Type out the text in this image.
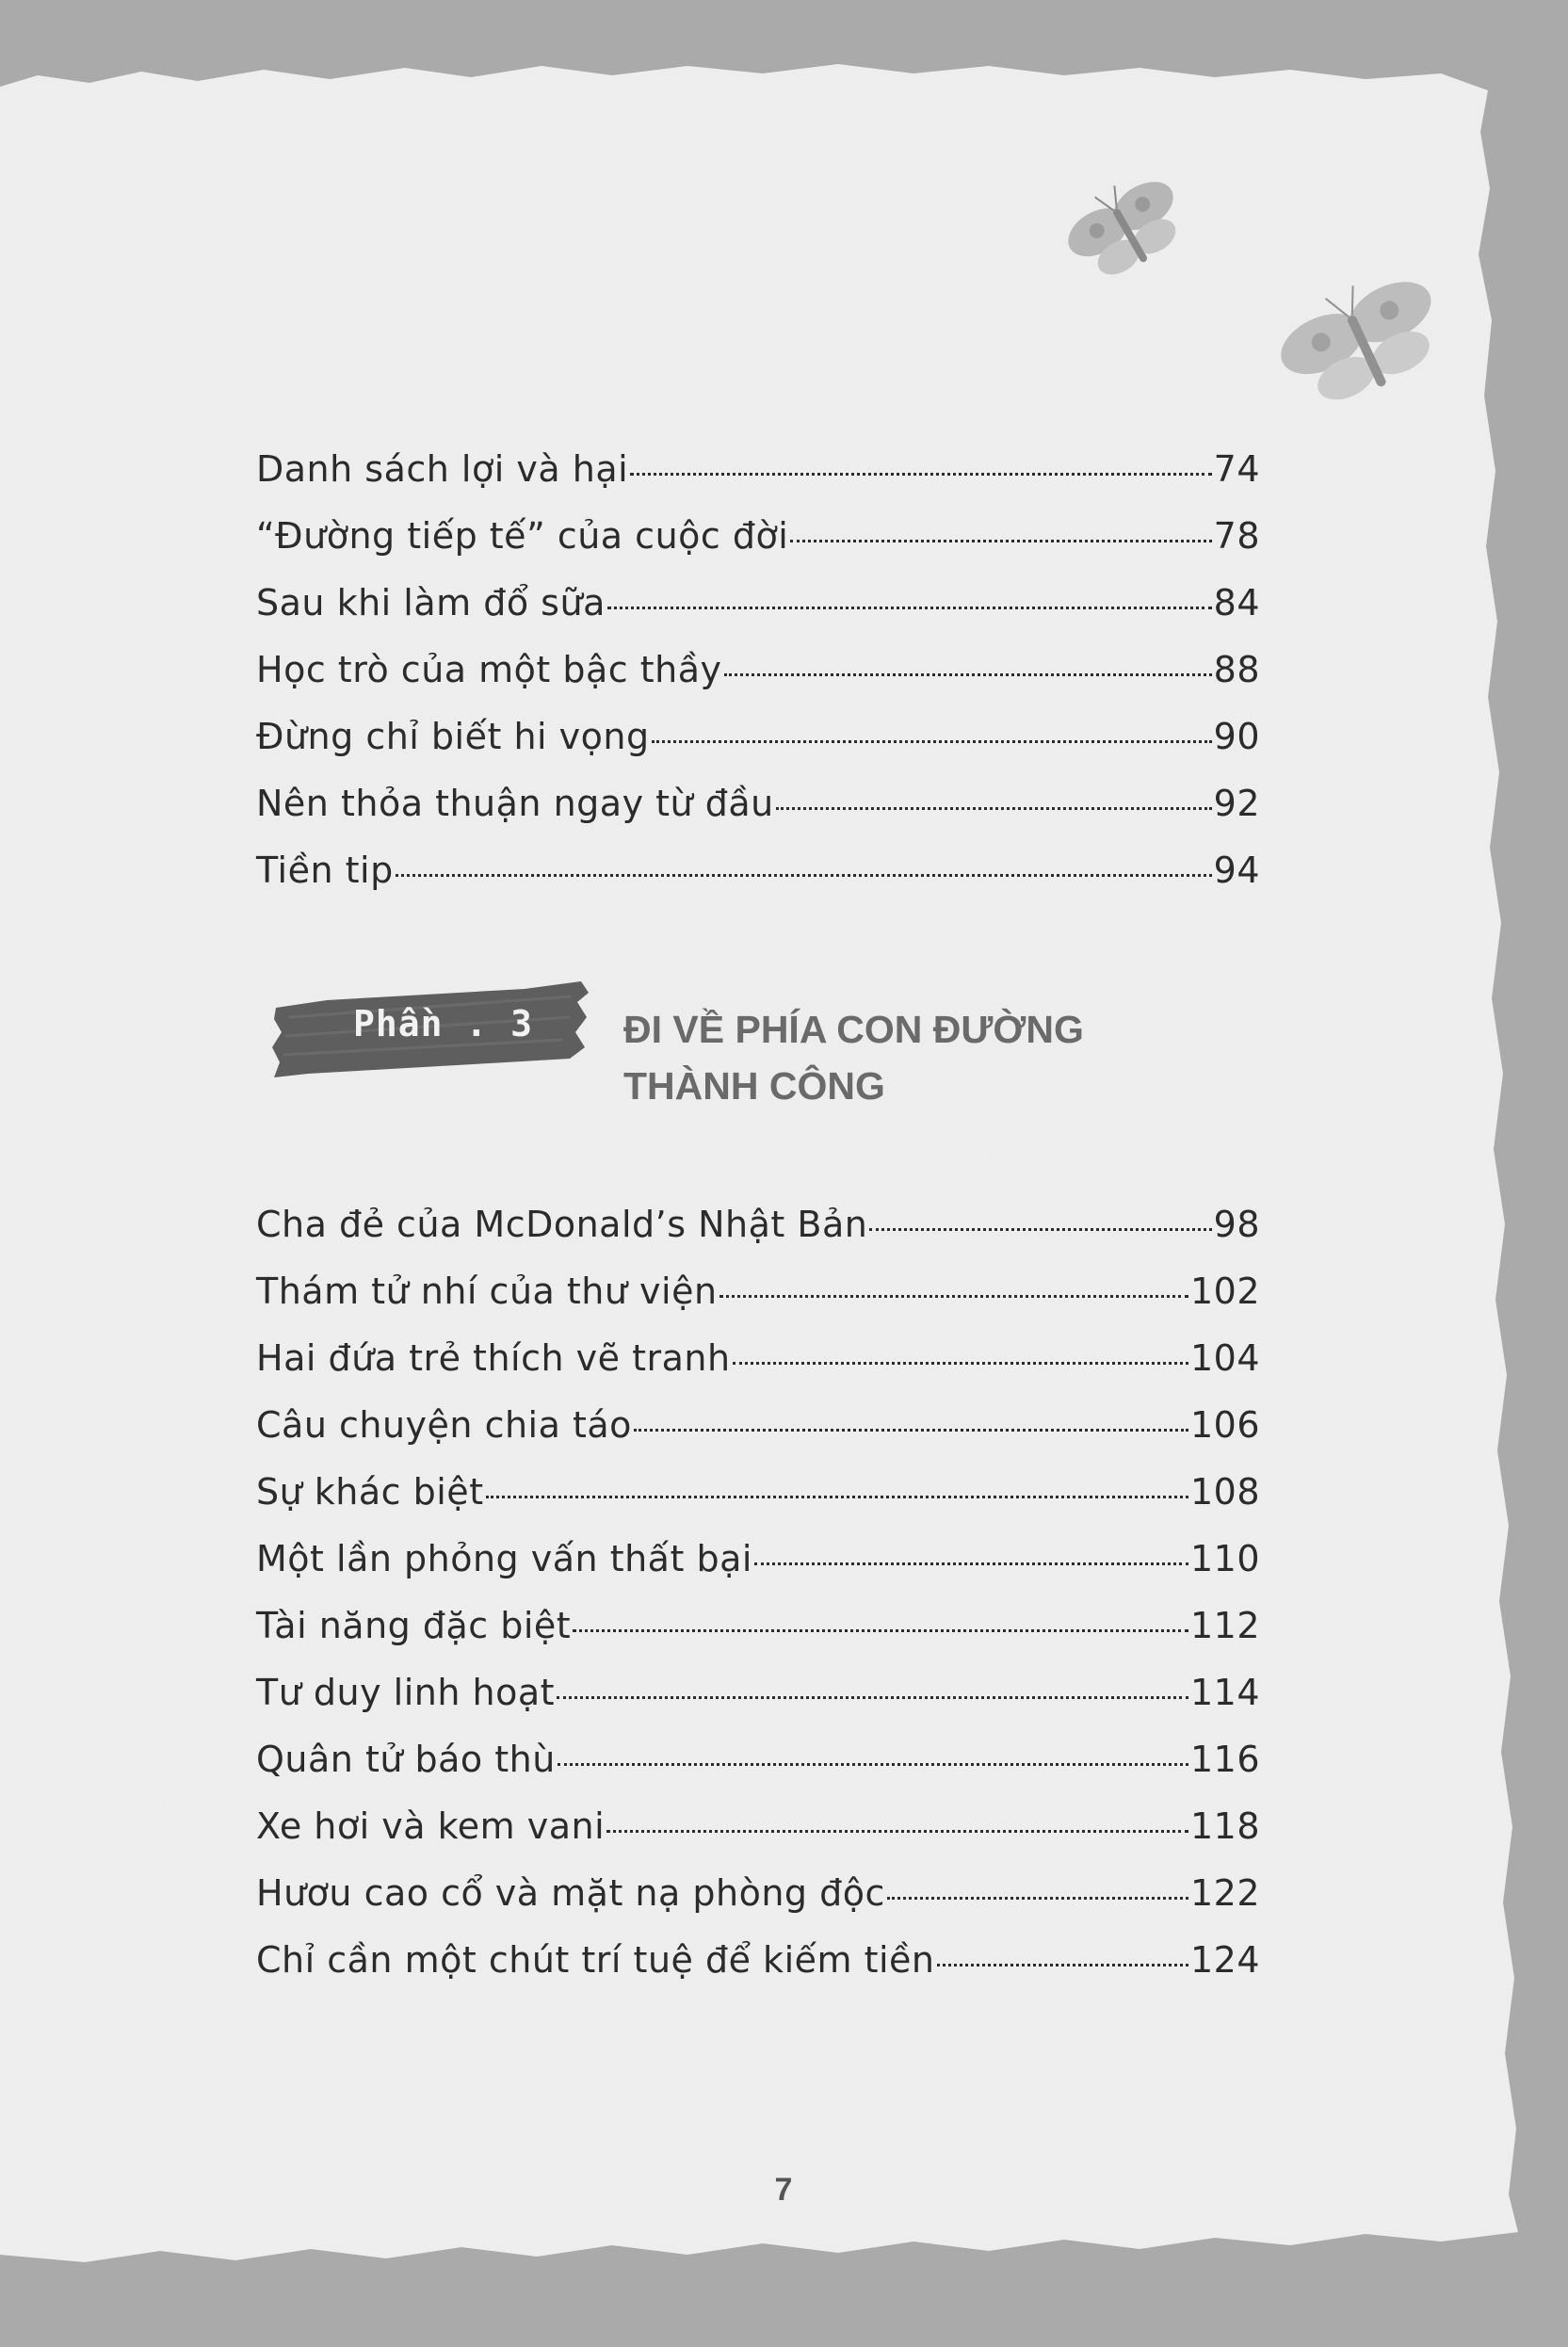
Danh sách lợi và hại	74
“Đường tiếp tế” của cuộc đời	78
Sau khi làm đổ sữa	84
Học trò của một bậc thầy	88
Đừng chỉ biết hi vọng	90
Nên thỏa thuận ngay từ đầu	92
Tiền tip	94
Phần . 3 ĐI VỀ PHÍA CON ĐƯỜNG
THÀNH CÔNG
Cha đẻ của McDonald’s Nhật Bản	98
Thám tử nhí của thư viện	102
Hai đứa trẻ thích vẽ tranh	104
Câu chuyện chia táo	106
Sự khác biệt	108
Một lần phỏng vấn thất bại	110
Tài năng đặc biệt	112
Tư duy linh hoạt	114
Quân tử báo thù	116
Xe hơi và kem vani	118
Hươu cao cổ và mặt nạ phòng độc	122
Chỉ cần một chút trí tuệ để kiếm tiền	124
7
